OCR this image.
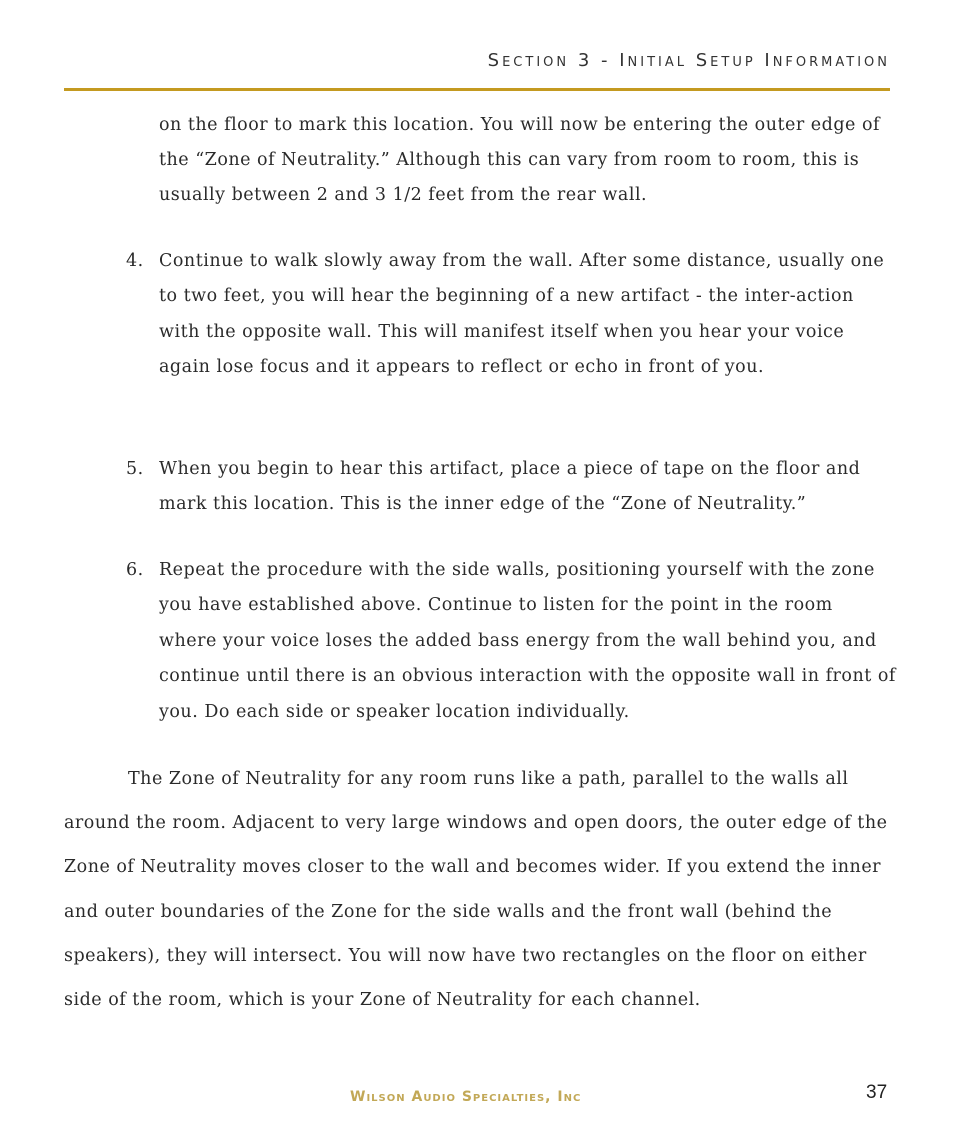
Section 3 - Initial Setup Information
on the floor to mark this location. You will now be entering the outer edge of the “Zone of Neutrality.” Although this can vary from room to room, this is usually between 2 and 3 1/2 feet from the rear wall.
4. Continue to walk slowly away from the wall. After some distance, usually one to two feet, you will hear the beginning of a new artifact - the inter-action with the opposite wall. This will manifest itself when you hear your voice again lose focus and it appears to reflect or echo in front of you.
5. When you begin to hear this artifact, place a piece of tape on the floor and mark this location. This is the inner edge of the “Zone of Neutrality.”
6. Repeat the procedure with the side walls, positioning yourself with the zone you have established above. Continue to listen for the point in the room where your voice loses the added bass energy from the wall behind you, and continue until there is an obvious interaction with the opposite wall in front of you. Do each side or speaker location individually.
The Zone of Neutrality for any room runs like a path, parallel to the walls all around the room. Adjacent to very large windows and open doors, the outer edge of the Zone of Neutrality moves closer to the wall and becomes wider. If you extend the inner and outer boundaries of the Zone for the side walls and the front wall (behind the speakers), they will intersect. You will now have two rectangles on the floor on either side of the room, which is your Zone of Neutrality for each channel.
Wilson Audio Specialties, Inc	37
